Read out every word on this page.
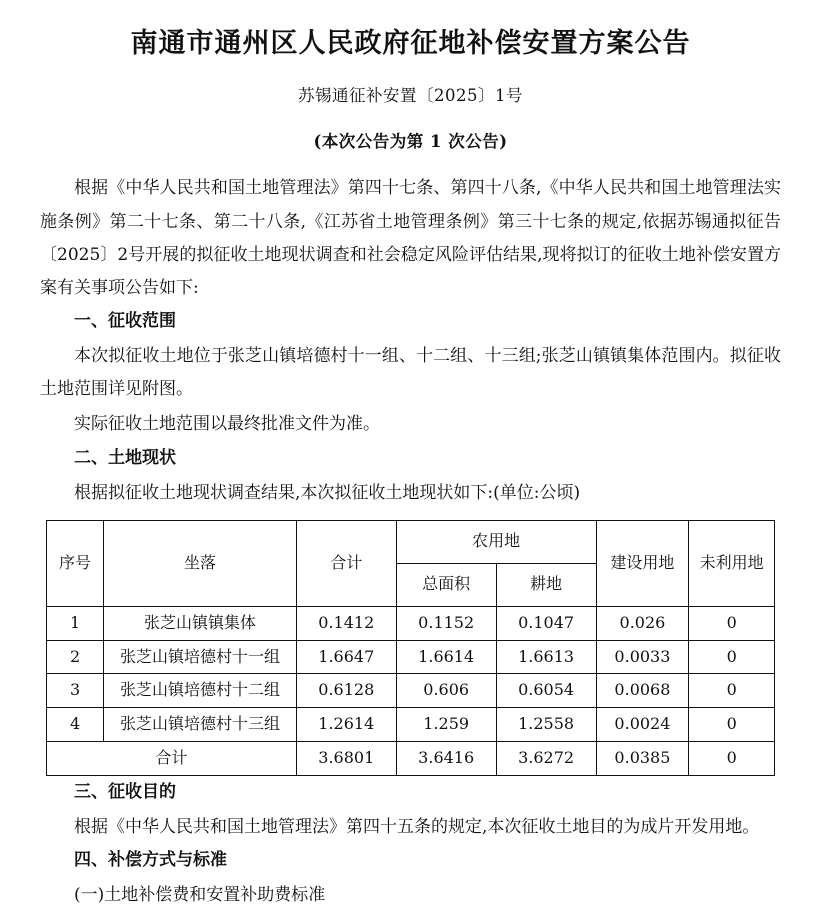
南通市通州区人民政府征地补偿安置方案公告
苏锡通征补安置〔2025〕1号
(本次公告为第 1 次公告)

根据《中华人民共和国土地管理法》第四十七条、第四十八条,《中华人民共和国土地管理法实施条例》第二十七条、第二十八条,《江苏省土地管理条例》第三十七条的规定,依据苏锡通拟征告〔2025〕2号开展的拟征收土地现状调查和社会稳定风险评估结果,现将拟订的征收土地补偿安置方案有关事项公告如下:

一、征收范围

本次拟征收土地位于张芝山镇培德村十一组、十二组、十三组;张芝山镇镇集体范围内。拟征收土地范围详见附图。

实际征收土地范围以最终批准文件为准。

二、土地现状

根据拟征收土地现状调查结果,本次拟征收土地现状如下:(单位:公顷)

序号	坐落	合计	农用地		建设用地	未利用地
			总面积	耕地		
1	张芝山镇镇集体	0.1412	0.1152	0.1047	0.026	0
2	张芝山镇培德村十一组	1.6647	1.6614	1.6613	0.0033	0
3	张芝山镇培德村十二组	0.6128	0.606	0.6054	0.0068	0
4	张芝山镇培德村十三组	1.2614	1.259	1.2558	0.0024	0
合计		3.6801	3.6416	3.6272	0.0385	0

三、征收目的

根据《中华人民共和国土地管理法》第四十五条的规定,本次征收土地目的为成片开发用地。

四、补偿方式与标准

(一)土地补偿费和安置补助费标准
